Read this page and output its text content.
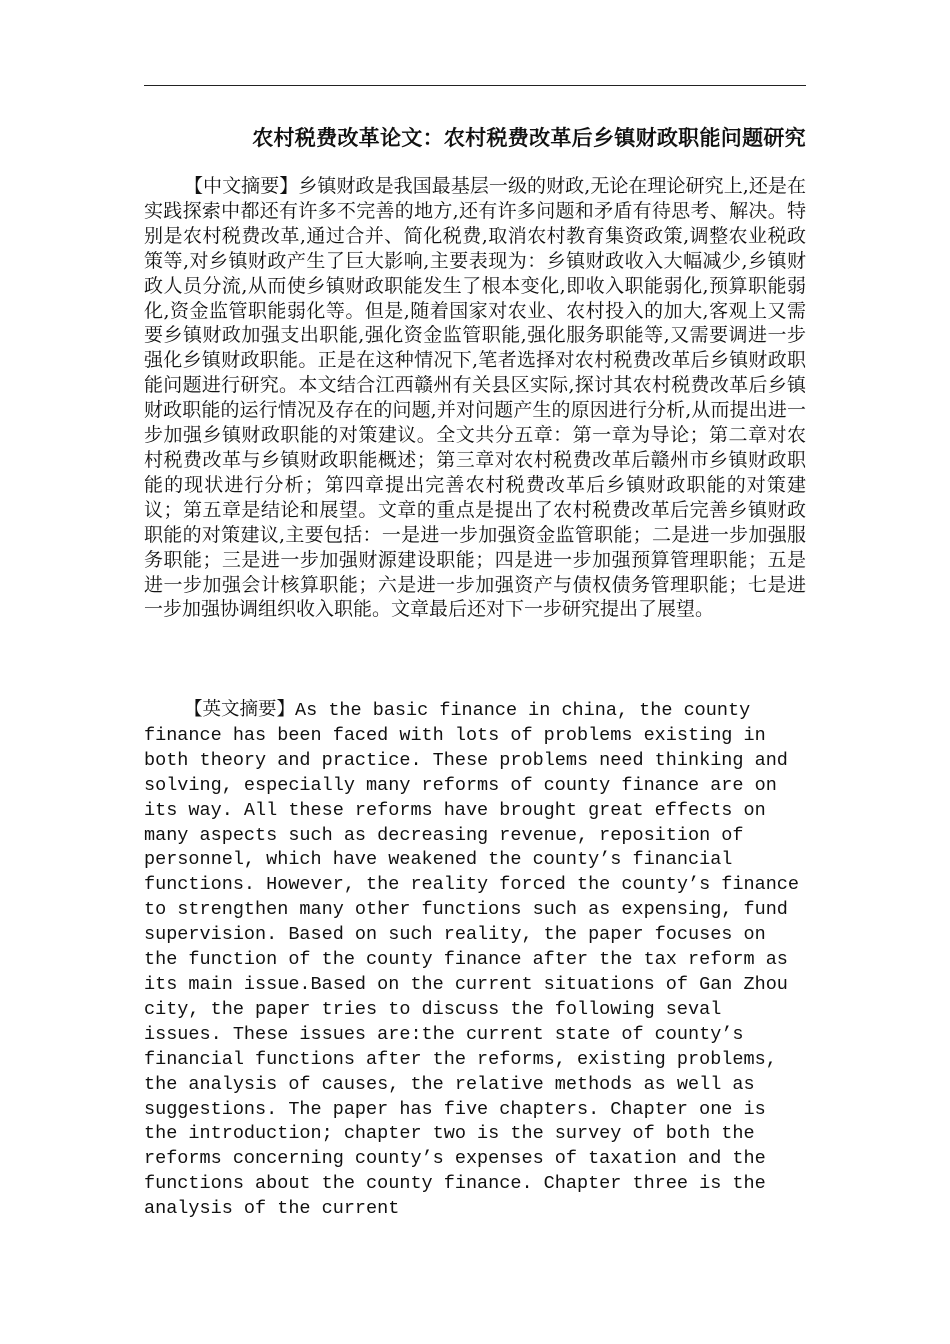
农村税费改革论文：农村税费改革后乡镇财政职能问题研究

【中文摘要】乡镇财政是我国最基层一级的财政,无论在理论研究上,还是在实践探索中都还有许多不完善的地方,还有许多问题和矛盾有待思考、解决。特别是农村税费改革,通过合并、简化税费,取消农村教育集资政策,调整农业税政策等,对乡镇财政产生了巨大影响,主要表现为：乡镇财政收入大幅减少,乡镇财政人员分流,从而使乡镇财政职能发生了根本变化,即收入职能弱化,预算职能弱化,资金监管职能弱化等。但是,随着国家对农业、农村投入的加大,客观上又需要乡镇财政加强支出职能,强化资金监管职能,强化服务职能等,又需要调进一步强化乡镇财政职能。正是在这种情况下,笔者选择对农村税费改革后乡镇财政职能问题进行研究。本文结合江西赣州有关县区实际,探讨其农村税费改革后乡镇财政职能的运行情况及存在的问题,并对问题产生的原因进行分析,从而提出进一步加强乡镇财政职能的对策建议。全文共分五章：第一章为导论；第二章对农村税费改革与乡镇财政职能概述；第三章对农村税费改革后赣州市乡镇财政职能的现状进行分析；第四章提出完善农村税费改革后乡镇财政职能的对策建议；第五章是结论和展望。文章的重点是提出了农村税费改革后完善乡镇财政职能的对策建议,主要包括：一是进一步加强资金监管职能；二是进一步加强服务职能；三是进一步加强财源建设职能；四是进一步加强预算管理职能；五是进一步加强会计核算职能；六是进一步加强资产与债权债务管理职能；七是进一步加强协调组织收入职能。文章最后还对下一步研究提出了展望。

【英文摘要】As the basic finance in china, the county finance has been faced with lots of problems existing in both theory and practice. These problems need thinking and solving, especially many reforms of county finance are on its way. All these reforms have brought great effects on many aspects such as decreasing revenue, reposition of personnel, which have weakened the county’s financial functions. However, the reality forced the county’s finance to strengthen many other functions such as expensing, fund supervision. Based on such reality, the paper focuses on the function of the county finance after the tax reform as its main issue.Based on the current situations of Gan Zhou city, the paper tries to discuss the following seval issues. These issues are:the current state of county’s financial functions after the reforms, existing problems, the analysis of causes, the relative methods as well as suggestions. The paper has five chapters. Chapter one is the introduction; chapter two is the survey of both the reforms concerning county’s expenses of taxation and the functions about the county finance. Chapter three is the analysis of the current
